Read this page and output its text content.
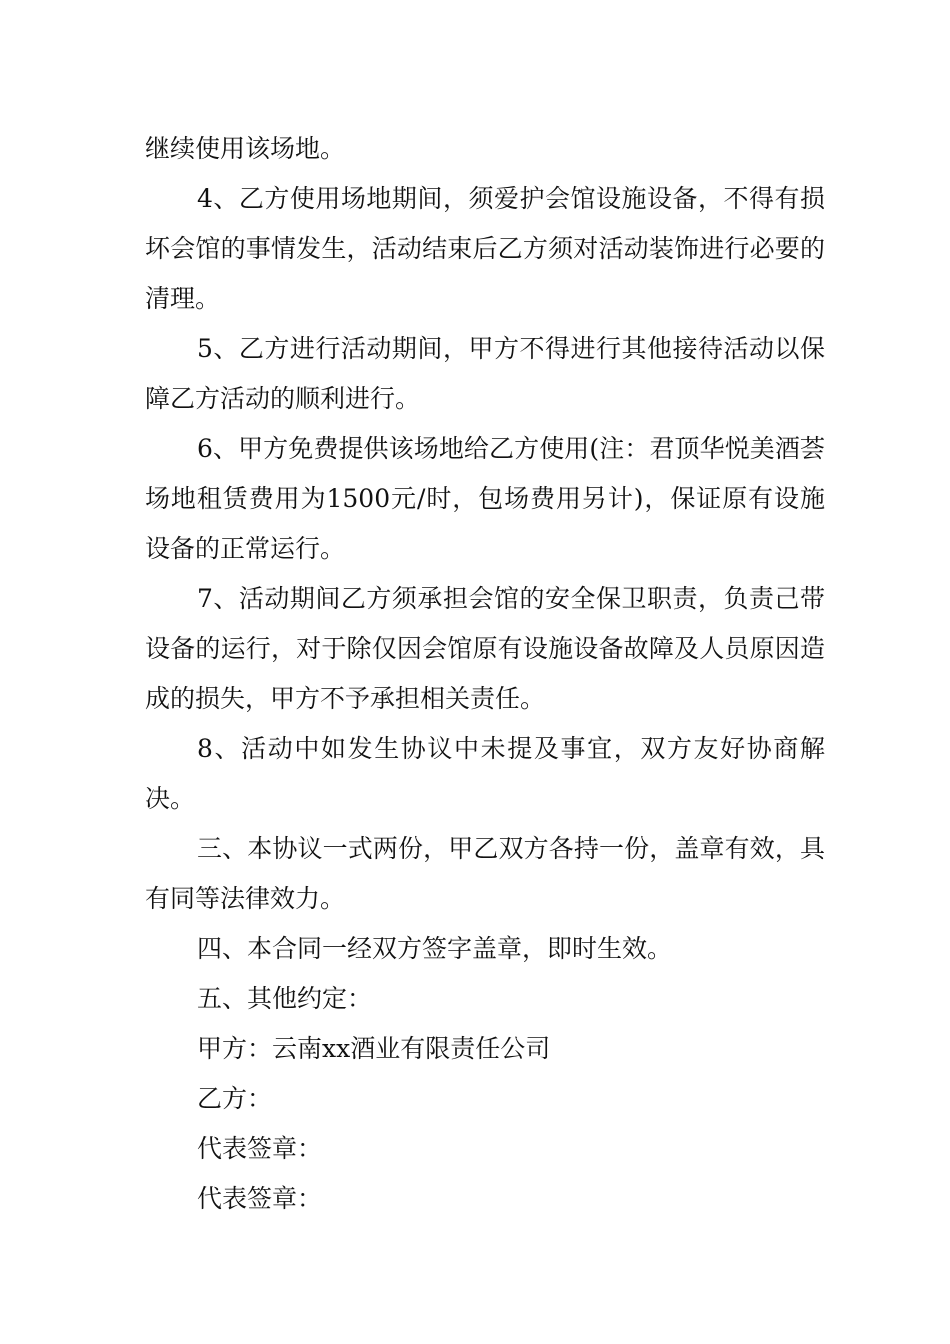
继续使用该场地。

4、乙方使用场地期间，须爱护会馆设施设备，不得有损坏会馆的事情发生，活动结束后乙方须对活动装饰进行必要的清理。

5、乙方进行活动期间，甲方不得进行其他接待活动以保障乙方活动的顺利进行。

6、甲方免费提供该场地给乙方使用(注：君顶华悦美酒荟场地租赁费用为1500元/时，包场费用另计)，保证原有设施设备的正常运行。

7、活动期间乙方须承担会馆的安全保卫职责，负责己带设备的运行，对于除仅因会馆原有设施设备故障及人员原因造成的损失，甲方不予承担相关责任。

8、活动中如发生协议中未提及事宜，双方友好协商解决。

三、本协议一式两份，甲乙双方各持一份，盖章有效，具有同等法律效力。

四、本合同一经双方签字盖章，即时生效。

五、其他约定：

甲方：云南xx酒业有限责任公司

乙方：

代表签章：

代表签章：
